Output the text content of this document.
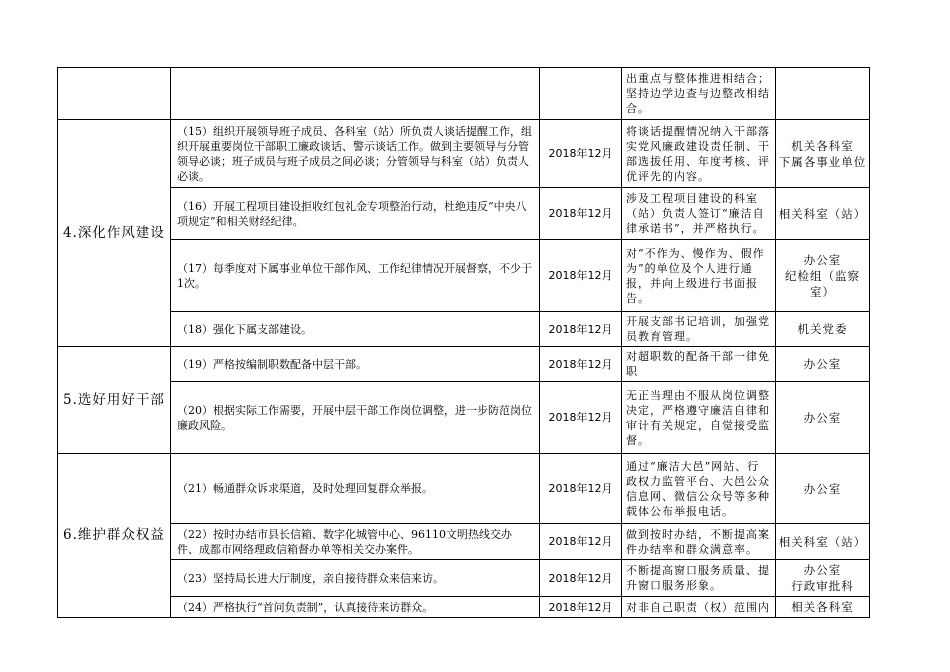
			出重点与整体推进相结合；坚持边学边查与边整改相结合。	
4.深化作风建设	（15）组织开展领导班子成员、各科室（站）所负责人谈话提醒工作，组织开展重要岗位干部职工廉政谈话、警示谈话工作。做到主要领导与分管领导必谈；班子成员与班子成员之间必谈；分管领导与科室（站）负责人必谈。	2018年12月	将谈话提醒情况纳入干部落实党风廉政建设责任制、干部选拔任用、年度考核、评优评先的内容。	机关各科室
下属各事业单位

	（16）开展工程项目建设拒收红包礼金专项整治行动，杜绝违反“中央八项规定”和相关财经纪律。	2018年12月	涉及工程项目建设的科室（站）负责人签订“廉洁自律承诺书”，并严格执行。	相关科室（站）

	（17）每季度对下属事业单位干部作风、工作纪律情况开展督察，不少于1次。	2018年12月	对“不作为、慢作为、假作为”的单位及个人进行通报，并向上级进行书面报告。	办公室
纪检组（监察室）

	（18）强化下属支部建设。	2018年12月	开展支部书记培训，加强党员教育管理。	机关党委

5.选好用好干部	（19）严格按编制职数配备中层干部。	2018年12月	对超职数的配备干部一律免职	办公室

	（20）根据实际工作需要，开展中层干部工作岗位调整，进一步防范岗位廉政风险。	2018年12月	无正当理由不服从岗位调整决定，严格遵守廉洁自律和审计有关规定，自觉接受监督。	办公室

6.维护群众权益	（21）畅通群众诉求渠道，及时处理回复群众举报。	2018年12月	通过“廉洁大邑”网站、行政权力监管平台、大邑公众信息网、微信公众号等多种载体公布举报电话。	办公室

	（22）按时办结市县长信箱、数字化城管中心、96110文明热线交办件、成都市网络理政信箱督办单等相关交办案件。	2018年12月	做到按时办结，不断提高案件办结率和群众满意率。	相关科室（站）

	（23）坚持局长进大厅制度，亲自接待群众来信来访。	2018年12月	不断提高窗口服务质量、提升窗口服务形象。	办公室
行政审批科

	（24）严格执行“首问负责制”，认真接待来访群众。	2018年12月	对非自己职责（权）范围内	相关各科室
